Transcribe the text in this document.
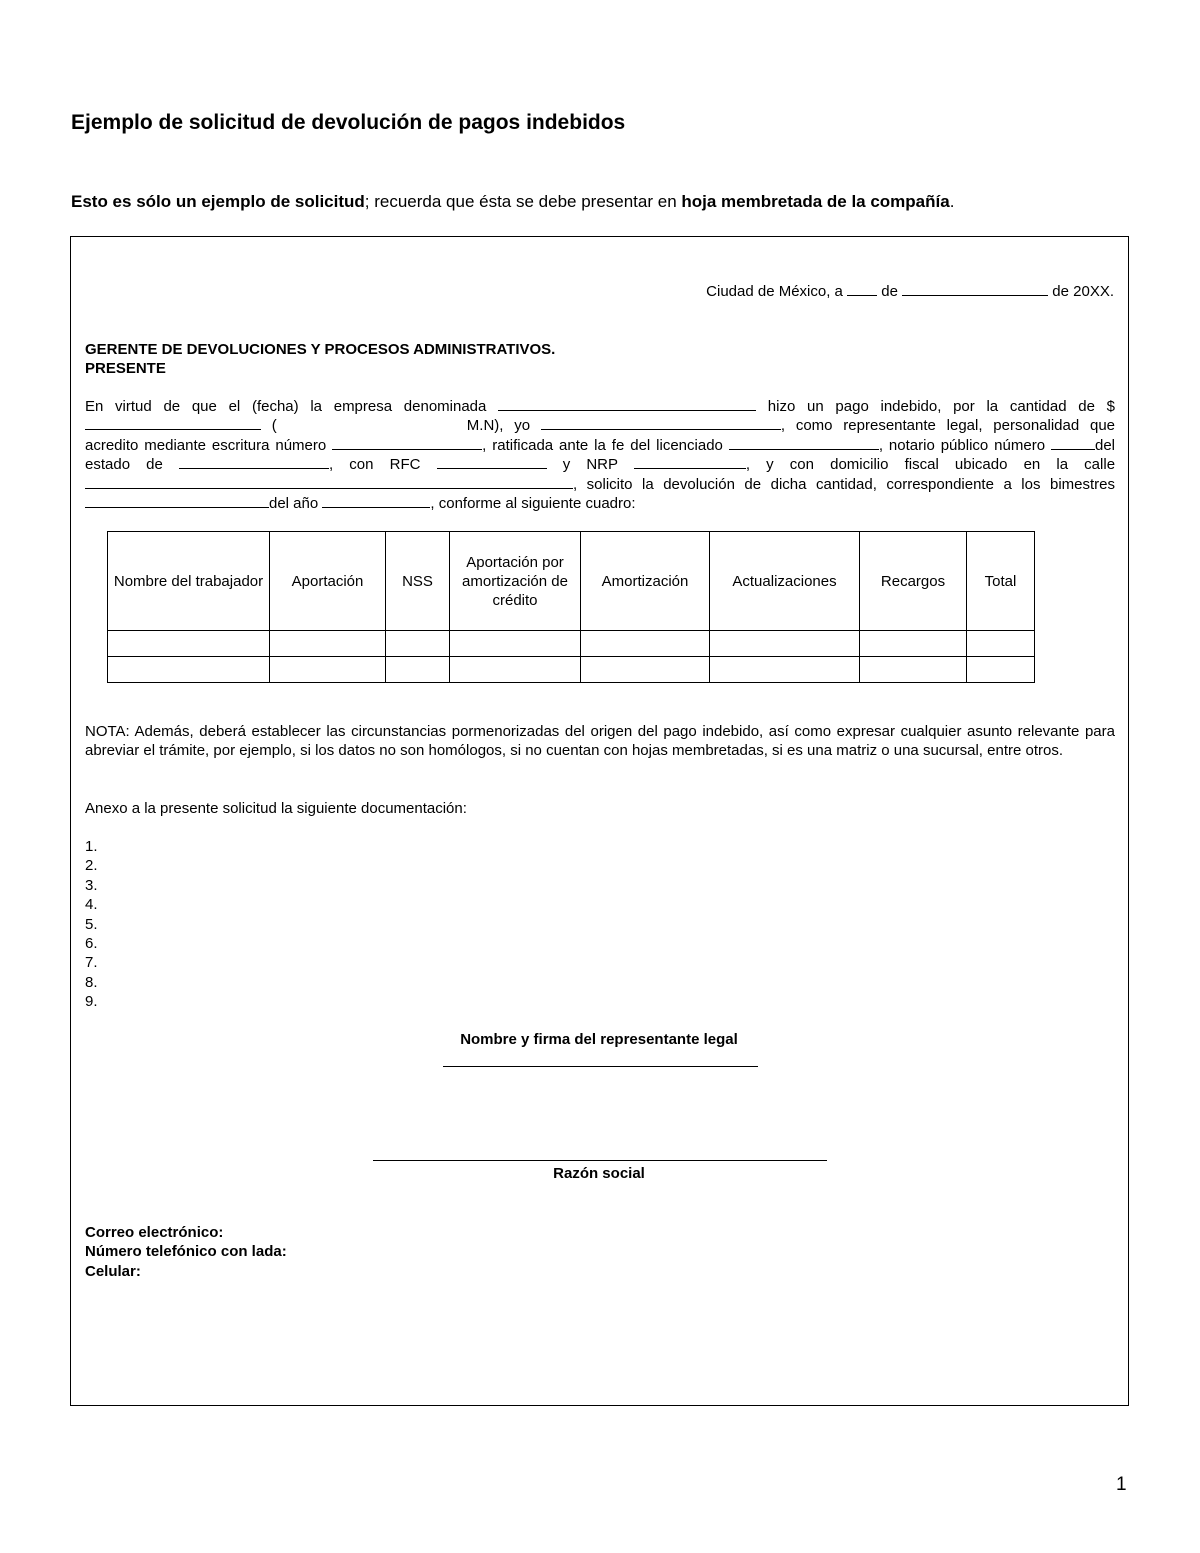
Ejemplo de solicitud de devolución de pagos indebidos
Esto es sólo un ejemplo de solicitud; recuerda que ésta se debe presentar en hoja membretada de la compañía.
Ciudad de México, a	de	de 20XX.
GERENTE DE DEVOLUCIONES Y PROCESOS ADMINISTRATIVOS.
PRESENTE
En virtud de que el (fecha) la empresa denominada	hizo un pago indebido, por la cantidad de $ (	M.N), yo	, como representante legal, personalidad que acredito mediante escritura número	, ratificada ante la fe del licenciado	, notario público número	del estado de	, con RFC	y NRP	, y con domicilio fiscal ubicado en la calle , solicito la devolución de dicha cantidad, correspondiente a los bimestres del año	, conforme al siguiente cuadro:
Nombre del trabajador	Aportación	NSS	Aportación por amortización de crédito	Amortización	Actualizaciones	Recargos	Total

NOTA: Además, deberá establecer las circunstancias pormenorizadas del origen del pago indebido, así como expresar cualquier asunto relevante para abreviar el trámite, por ejemplo, si los datos no son homólogos, si no cuentan con hojas membretadas, si es una matriz o una sucursal, entre otros.
Anexo a la presente solicitud la siguiente documentación:
1.
2.
3.
4.
5.
6.
7.
8.
9.
Nombre y firma del representante legal
Razón social
Correo electrónico:
Número telefónico con lada:
Celular:
1
